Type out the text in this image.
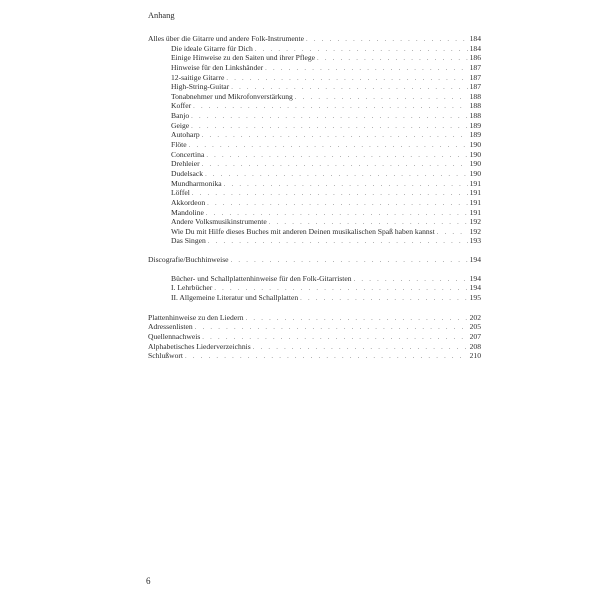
Anhang
Alles über die Gitarre und andere Folk-Instrumente . . .	184
Die ideale Gitarre für Dich . . .	184
Einige Hinweise zu den Saiten und ihrer Pflege . . .	186
Hinweise für den Linkshänder . . .	187
12-saitige Gitarre . . .	187
High-String-Guitar . . .	187
Tonabnehmer und Mikrofonverstärkung . . .	188
Koffer . . .	188
Banjo . . .	188
Geige . . .	189
Autoharp . . .	189
Flöte . . .	190
Concertina . . .	190
Drehleier . . .	190
Dudelsack . . .	190
Mundharmonika . . .	191
Löffel . . .	191
Akkordeon . . .	191
Mandoline . . .	191
Andere Volksmusikinstrumente . . .	192
Wie Du mit Hilfe dieses Buches mit anderen Deinen musikalischen Spaß haben kannst . . .	192
Das Singen . . .	193
Discografie/Buchhinweise . . .	194
Bücher- und Schallplattenhinweise für den Folk-Gitarristen . . .	194
I. Lehrbücher . . .	194
II. Allgemeine Literatur und Schallplatten . . .	195
Plattenhinweise zu den Liedern . . .	202
Adressenlisten . . .	205
Quellennachweis . . .	207
Alphabetisches Liederverzeichnis . . .	208
Schlußwort . . .	210
6
